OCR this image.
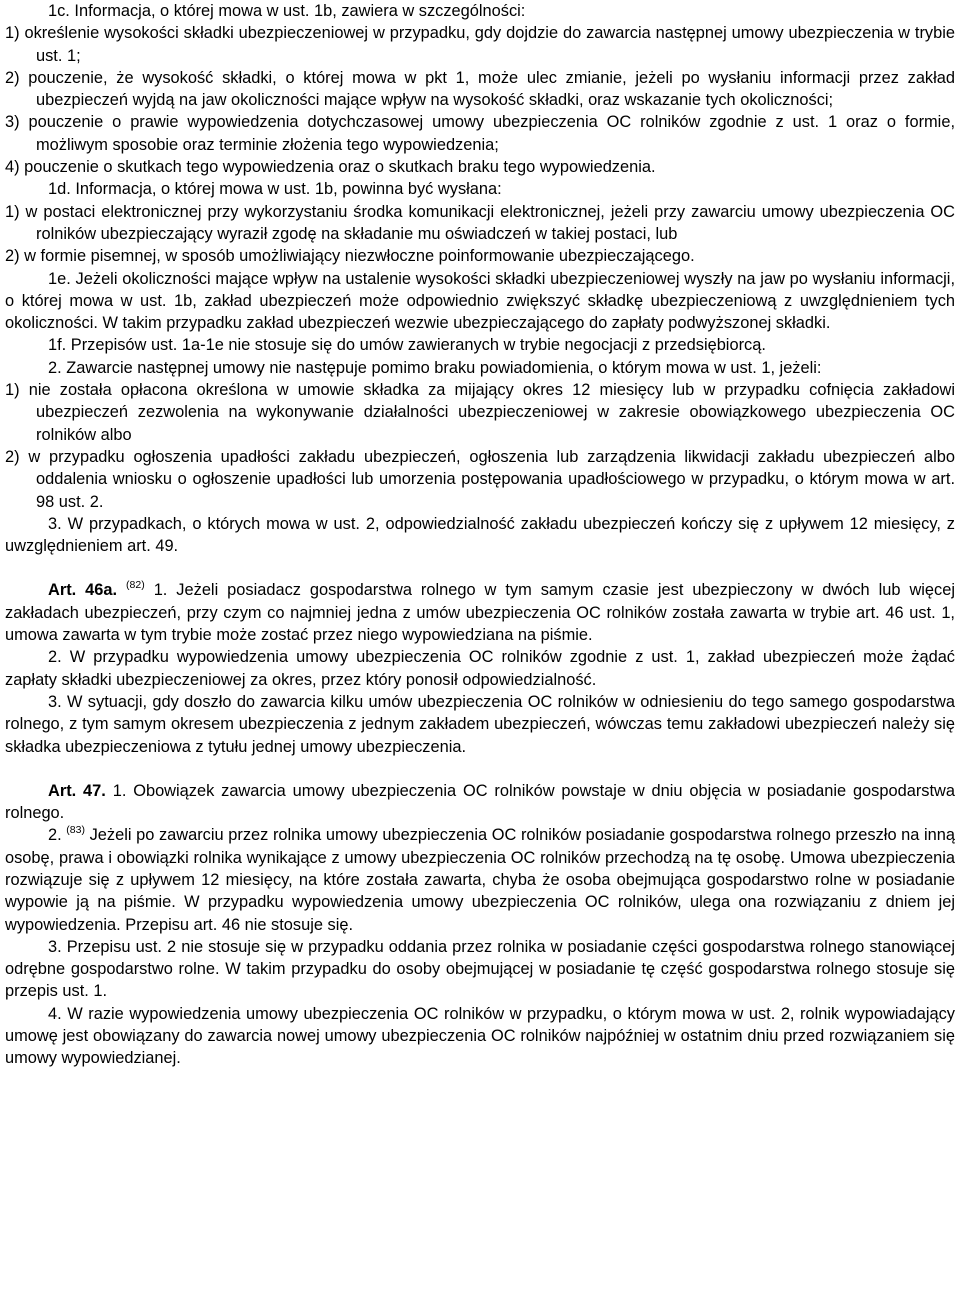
1c. Informacja, o której mowa w ust. 1b, zawiera w szczególności:

1) określenie wysokości składki ubezpieczeniowej w przypadku, gdy dojdzie do zawarcia następnej umowy ubezpieczenia w trybie ust. 1;

2) pouczenie, że wysokość składki, o której mowa w pkt 1, może ulec zmianie, jeżeli po wysłaniu informacji przez zakład ubezpieczeń wyjdą na jaw okoliczności mające wpływ na wysokość składki, oraz wskazanie tych okoliczności;

3) pouczenie o prawie wypowiedzenia dotychczasowej umowy ubezpieczenia OC rolników zgodnie z ust. 1 oraz o formie, możliwym sposobie oraz terminie złożenia tego wypowiedzenia;

4) pouczenie o skutkach tego wypowiedzenia oraz o skutkach braku tego wypowiedzenia.

1d. Informacja, o której mowa w ust. 1b, powinna być wysłana:

1) w postaci elektronicznej przy wykorzystaniu środka komunikacji elektronicznej, jeżeli przy zawarciu umowy ubezpieczenia OC rolników ubezpieczający wyraził zgodę na składanie mu oświadczeń w takiej postaci, lub

2) w formie pisemnej, w sposób umożliwiający niezwłoczne poinformowanie ubezpieczającego.

1e. Jeżeli okoliczności mające wpływ na ustalenie wysokości składki ubezpieczeniowej wyszły na jaw po wysłaniu informacji, o której mowa w ust. 1b, zakład ubezpieczeń może odpowiednio zwiększyć składkę ubezpieczeniową z uwzględnieniem tych okoliczności. W takim przypadku zakład ubezpieczeń wezwie ubezpieczającego do zapłaty podwyższonej składki.

1f. Przepisów ust. 1a-1e nie stosuje się do umów zawieranych w trybie negocjacji z przedsiębiorcą.

2. Zawarcie następnej umowy nie następuje pomimo braku powiadomienia, o którym mowa w ust. 1, jeżeli:

1) nie została opłacona określona w umowie składka za mijający okres 12 miesięcy lub w przypadku cofnięcia zakładowi ubezpieczeń zezwolenia na wykonywanie działalności ubezpieczeniowej w zakresie obowiązkowego ubezpieczenia OC rolników albo

2) w przypadku ogłoszenia upadłości zakładu ubezpieczeń, ogłoszenia lub zarządzenia likwidacji zakładu ubezpieczeń albo oddalenia wniosku o ogłoszenie upadłości lub umorzenia postępowania upadłościowego w przypadku, o którym mowa w art. 98 ust. 2.

3. W przypadkach, o których mowa w ust. 2, odpowiedzialność zakładu ubezpieczeń kończy się z upływem 12 miesięcy, z uwzględnieniem art. 49.

Art. 46a. $^{(82)}$ 1. Jeżeli posiadacz gospodarstwa rolnego w tym samym czasie jest ubezpieczony w dwóch lub więcej zakładach ubezpieczeń, przy czym co najmniej jedna z umów ubezpieczenia OC rolników została zawarta w trybie art. 46 ust. 1, umowa zawarta w tym trybie może zostać przez niego wypowiedziana na piśmie.

2. W przypadku wypowiedzenia umowy ubezpieczenia OC rolników zgodnie z ust. 1, zakład ubezpieczeń może żądać zapłaty składki ubezpieczeniowej za okres, przez który ponosił odpowiedzialność.

3. W sytuacji, gdy doszło do zawarcia kilku umów ubezpieczenia OC rolników w odniesieniu do tego samego gospodarstwa rolnego, z tym samym okresem ubezpieczenia z jednym zakładem ubezpieczeń, wówczas temu zakładowi ubezpieczeń należy się składka ubezpieczeniowa z tytułu jednej umowy ubezpieczenia.

Art. 47. 1. Obowiązek zawarcia umowy ubezpieczenia OC rolników powstaje w dniu objęcia w posiadanie gospodarstwa rolnego.

2. $^{(83)}$ Jeżeli po zawarciu przez rolnika umowy ubezpieczenia OC rolników posiadanie gospodarstwa rolnego przeszło na inną osobę, prawa i obowiązki rolnika wynikające z umowy ubezpieczenia OC rolników przechodzą na tę osobę. Umowa ubezpieczenia rozwiązuje się z upływem 12 miesięcy, na które została zawarta, chyba że osoba obejmująca gospodarstwo rolne w posiadanie wypowie ją na piśmie. W przypadku wypowiedzenia umowy ubezpieczenia OC rolników, ulega ona rozwiązaniu z dniem jej wypowiedzenia. Przepisu art. 46 nie stosuje się.

3. Przepisu ust. 2 nie stosuje się w przypadku oddania przez rolnika w posiadanie części gospodarstwa rolnego stanowiącej odrębne gospodarstwo rolne. W takim przypadku do osoby obejmującej w posiadanie tę część gospodarstwa rolnego stosuje się przepis ust. 1.

4. W razie wypowiedzenia umowy ubezpieczenia OC rolników w przypadku, o którym mowa w ust. 2, rolnik wypowiadający umowę jest obowiązany do zawarcia nowej umowy ubezpieczenia OC rolników najpóźniej w ostatnim dniu przed rozwiązaniem się umowy wypowiedzianej.
